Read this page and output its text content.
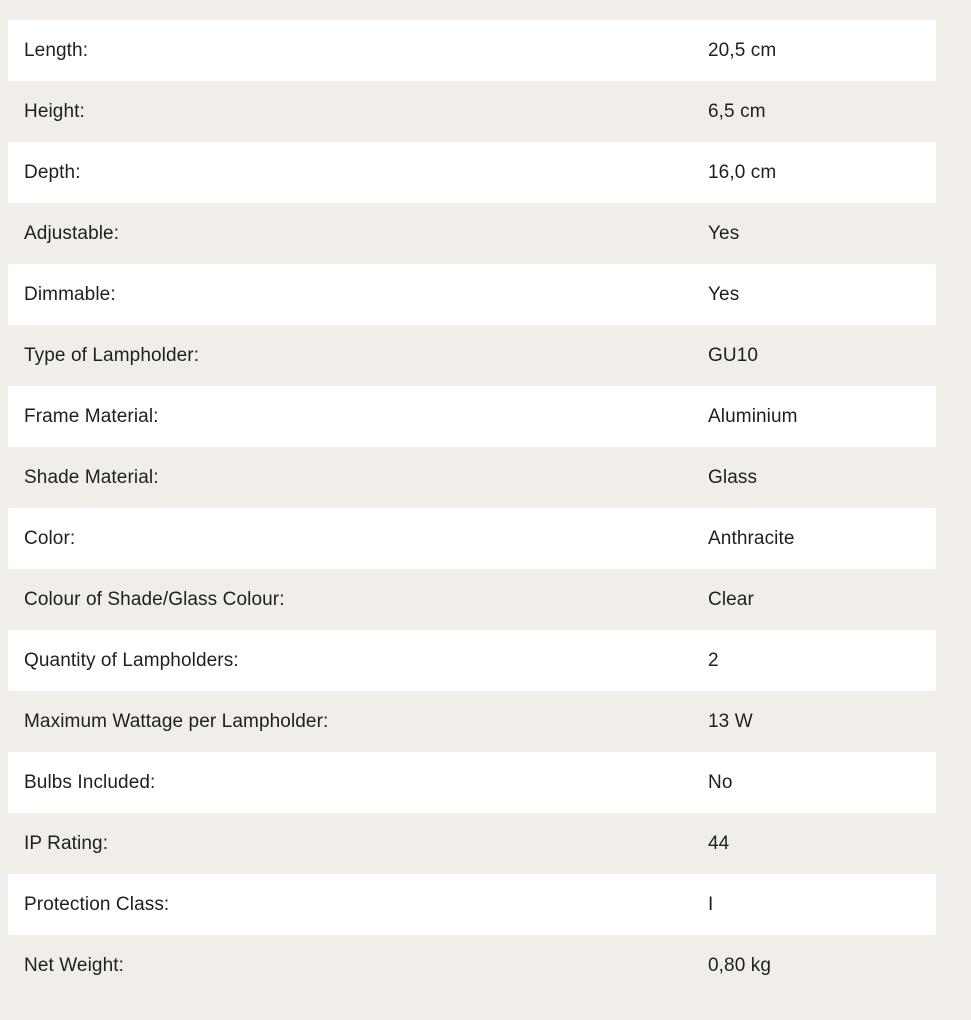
Length:	20,5 cm
Height:	6,5 cm
Depth:	16,0 cm
Adjustable:	Yes
Dimmable:	Yes
Type of Lampholder:	GU10
Frame Material:	Aluminium
Shade Material:	Glass
Color:	Anthracite
Colour of Shade/Glass Colour:	Clear
Quantity of Lampholders:	2
Maximum Wattage per Lampholder:	13 W
Bulbs Included:	No
IP Rating:	44
Protection Class:	I
Net Weight:	0,80 kg
